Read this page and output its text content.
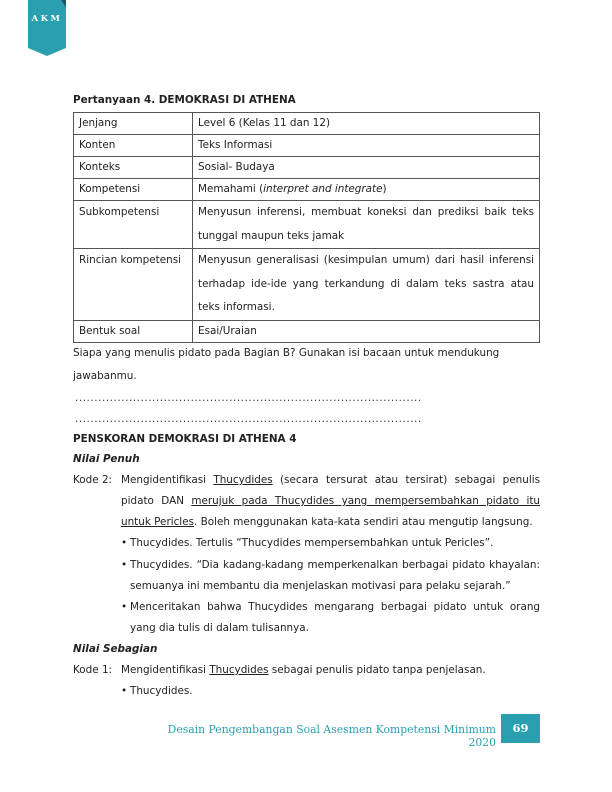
AKM
Pertanyaan 4. DEMOKRASI DI ATHENA
Jenjang	Level 6 (Kelas 11 dan 12)
Konten	Teks Informasi
Konteks	Sosial- Budaya
Kompetensi	Memahami (interpret and integrate)
Subkompetensi	Menyusun inferensi, membuat koneksi dan prediksi baik teks
tunggal maupun teks jamak

Rincian kompetensi	Menyusun generalisasi (kesimpulan umum) dari hasil inferensi
terhadap ide-ide yang terkandung di dalam teks sastra atau
teks informasi.

Bentuk soal	Esai/Uraian
Siapa yang menulis pidato pada Bagian B? Gunakan isi bacaan untuk mendukung
jawabanmu.
..........................................................................................
..........................................................................................
PENSKORAN DEMOKRASI DI ATHENA 4
Nilai Penuh
Kode 2: Mengidentifikasi Thucydides (secara tersurat atau tersirat) sebagai penulis
pidato DAN merujuk pada Thucydides yang mempersembahkan pidato itu
untuk Pericles. Boleh menggunakan kata-kata sendiri atau mengutip langsung.
• Thucydides. Tertulis “Thucydides mempersembahkan untuk Pericles”.
• Thucydides. “Dia kadang-kadang memperkenalkan berbagai pidato khayalan:
semuanya ini membantu dia menjelaskan motivasi para pelaku sejarah.”
• Menceritakan bahwa Thucydides mengarang berbagai pidato untuk orang
yang dia tulis di dalam tulisannya.
Nilai Sebagian
Kode 1: Mengidentifikasi Thucydides sebagai penulis pidato tanpa penjelasan.
• Thucydides.
Desain Pengembangan Soal Asesmen Kompetensi Minimum 2020
69
